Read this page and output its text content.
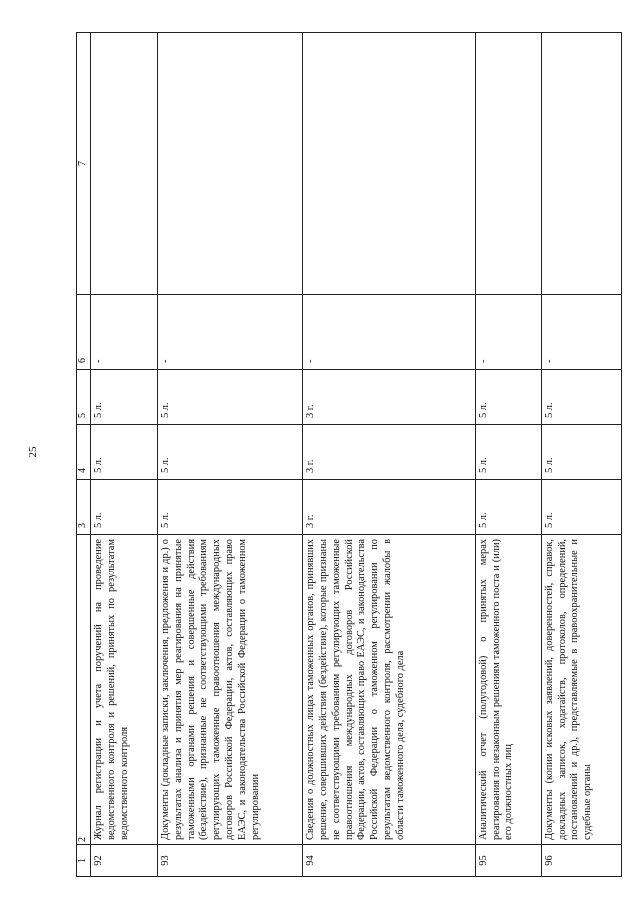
25
1	2	3	4	5	6	7
92	Журнал регистрации и учета поручений на проведение ведомственного контроля и решений, принятых по результатам ведомственного контроля	5 л.	5 л.	5 л.	-	
93	Документы (докладные записки, заключения, предложения и др.) о результатах анализа и принятия мер реагирования на принятые таможенными органами решения и совершенные действия (бездействие), признанные не соответствующими требованиям регулирующих таможенные правоотношения международных договоров Российской Федерации, актов, составляющих право ЕАЭС, и законодательства Российской Федерации о таможенном регулировании	5 л.	5 л.	5 л.	-	
94	Сведения о должностных лицах таможенных органов, принявших решение, совершивших действия (бездействие), которые признаны не соответствующими требованиям регулирующих таможенные правоотношения международных договоров Российской Федерации, актов, составляющих право ЕАЭС, и законодательства Российской Федерации о таможенном регулировании по результатам ведомственного контроля, рассмотрении жалобы в области таможенного дела, судебного дела	3 г.	3 г.	3 г.	-	
95	Аналитический отчет (полугодовой) о принятых мерах реагирования по незаконным решениям таможенного поста и (или) его должностных лиц	5 л.	5 л.	5 л.	-	
96	Документы (копии исковых заявлений, доверенностей, справок, докладных записок, ходатайств, протоколов, определений, постановлений и др.), представляемые в правоохранительные и судебные органы	5 л.	5 л.	5 л.	-	
